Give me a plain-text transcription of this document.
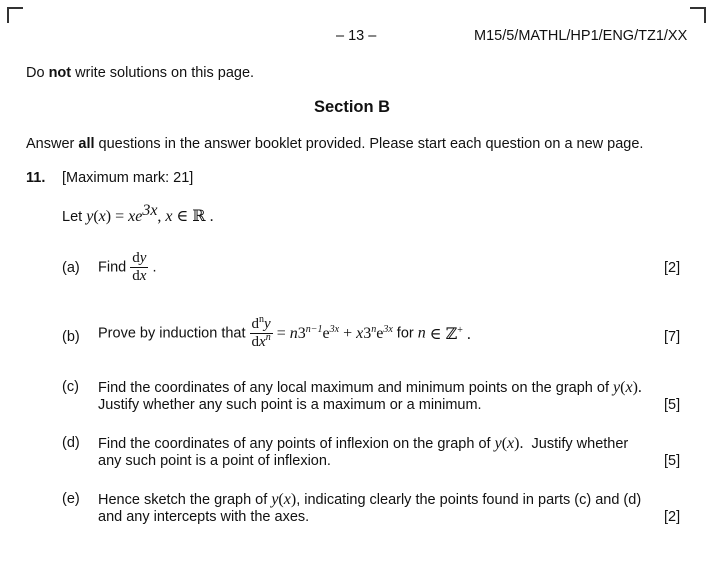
– 13 –	M15/5/MATHL/HP1/ENG/TZ1/XX
Do not write solutions on this page.
Section B
Answer all questions in the answer booklet provided. Please start each question on a new page.
11. [Maximum mark: 21]
Let $y(x) = xe^{3x}$, x ∈ ℝ .
(a) Find $\frac{dy}{dx}$ .	[2]
(b) Prove by induction that $\frac{d^ny}{dx^n} = n3^{n-1}e^{3x} + x3^ne^{3x}$ for n ∈ ℤ+ .	[7]
(c) Find the coordinates of any local maximum and minimum points on the graph of y(x).
Justify whether any such point is a maximum or a minimum.	[5]
(d) Find the coordinates of any points of inflexion on the graph of y(x). Justify whether
any such point is a point of inflexion.	[5]
(e) Hence sketch the graph of y(x), indicating clearly the points found in parts (c) and (d)
and any intercepts with the axes.	[2]
